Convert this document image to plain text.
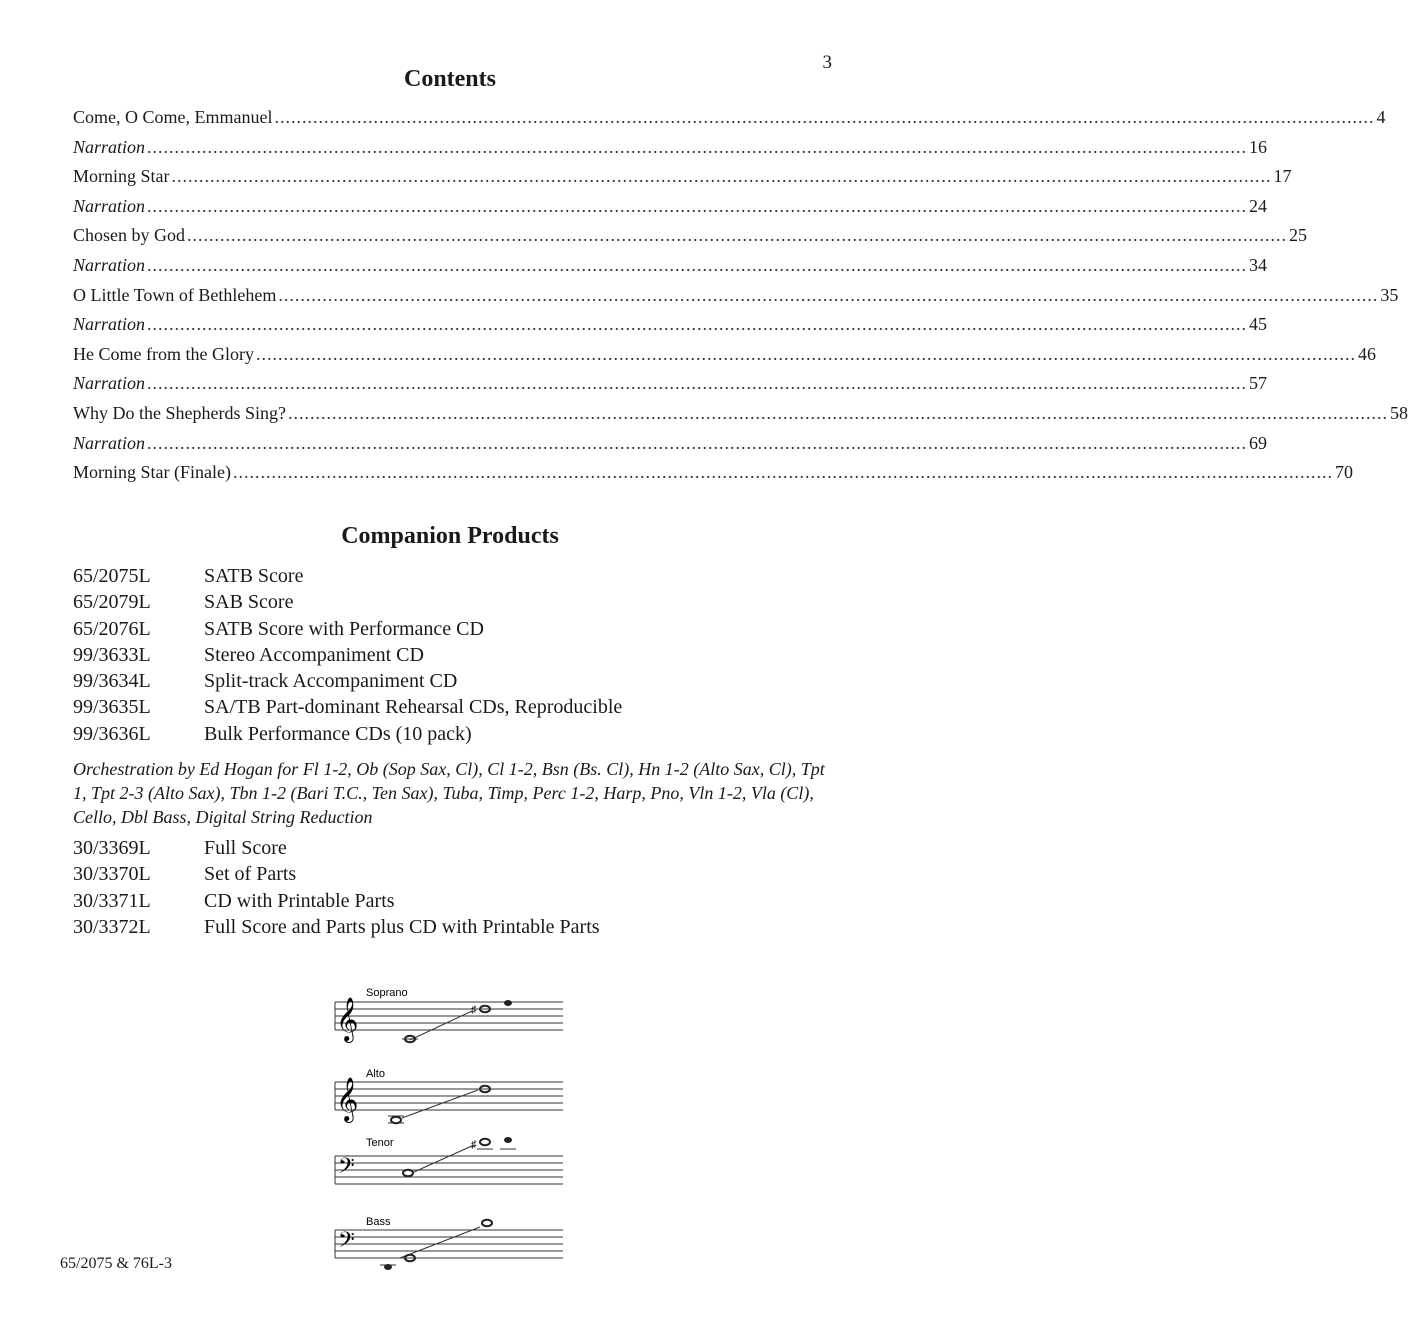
3
Contents
Come, O Come, Emmanuel ........................................................................................................................................................................................................ 4
Narration ........................................................................................................................................................................................................ 16
Morning Star ........................................................................................................................................................................................................ 17
Narration ........................................................................................................................................................................................................ 24
Chosen by God ........................................................................................................................................................................................................ 25
Narration ........................................................................................................................................................................................................ 34
O Little Town of Bethlehem ........................................................................................................................................................................................................ 35
Narration ........................................................................................................................................................................................................ 45
He Come from the Glory ........................................................................................................................................................................................................ 46
Narration ........................................................................................................................................................................................................ 57
Why Do the Shepherds Sing? ........................................................................................................................................................................................................ 58
Narration ........................................................................................................................................................................................................ 69
Morning Star (Finale) ........................................................................................................................................................................................................ 70
Companion Products
65/2075L	SATB Score
65/2079L	SAB Score
65/2076L	SATB Score with Performance CD
99/3633L	Stereo Accompaniment CD
99/3634L	Split-track Accompaniment CD
99/3635L	SA/TB Part-dominant Rehearsal CDs, Reproducible
99/3636L	Bulk Performance CDs (10 pack)
Orchestration by Ed Hogan for Fl 1-2, Ob (Sop Sax, Cl), Cl 1-2, Bsn (Bs. Cl), Hn 1-2 (Alto Sax, Cl), Tpt 1, Tpt 2-3 (Alto Sax), Tbn 1-2 (Bari T.C., Ten Sax), Tuba, Timp, Perc 1-2, Harp, Pno, Vln 1-2, Vla (Cl), Cello, Dbl Bass, Digital String Reduction
30/3369L	Full Score
30/3370L	Set of Parts
30/3371L	CD with Printable Parts
30/3372L	Full Score and Parts plus CD with Printable Parts
Soprano
𝄞	♯
Alto
𝄞
Tenor
𝄢
♯
Bass
𝄢
65/2075 & 76L-3
